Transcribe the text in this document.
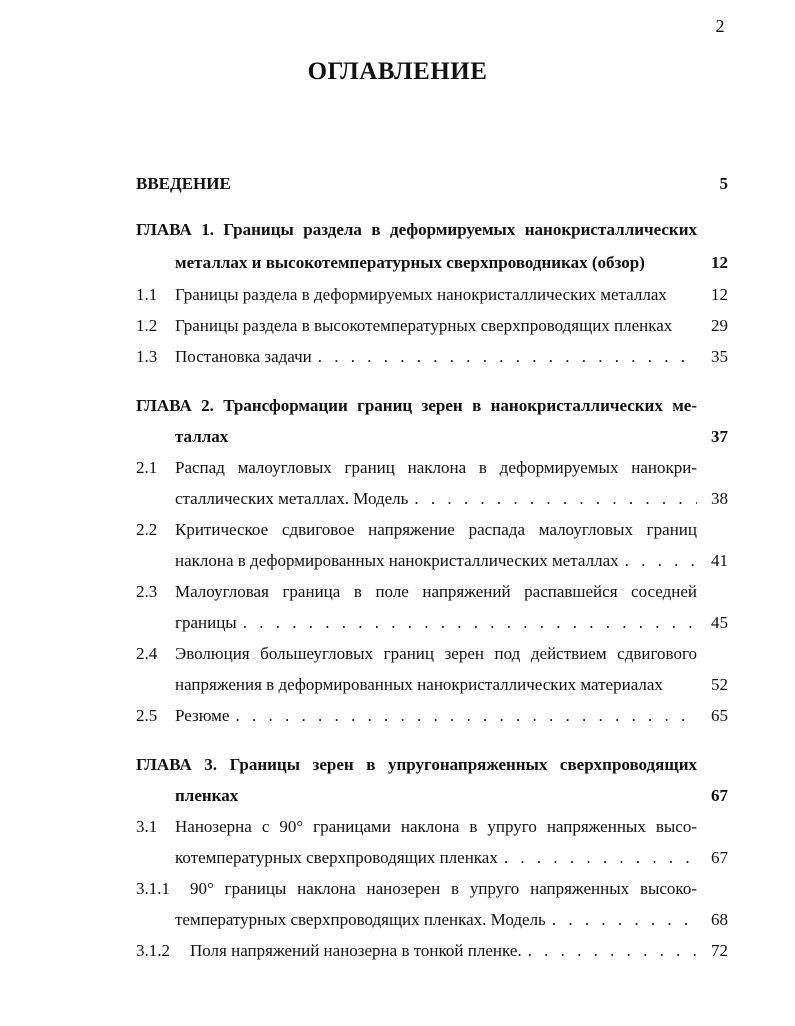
2
ОГЛАВЛЕНИЕ
ВВЕДЕНИЕ	5
ГЛАВА 1. Границы раздела в деформируемых нанокристаллических
металлах и высокотемпературных сверхпроводниках (обзор)	12
1.1 Границы раздела в деформируемых нанокристаллических металлах	12
1.2 Границы раздела в высокотемпературных сверхпроводящих пленках	29
1.3 Постановка задачи . . .	35
ГЛАВА 2. Трансформации границ зерен в нанокристаллических ме-
таллах	37
2.1 Распад малоугловых границ наклона в деформируемых нанокри-
сталлических металлах. Модель . . .	38
2.2 Критическое сдвиговое напряжение распада малоугловых границ
наклона в деформированных нанокристаллических металлах . . .	41
2.3 Малоугловая граница в поле напряжений распавшейся соседней
границы . . .	45
2.4 Эволюция большеугловых границ зерен под действием сдвигового
напряжения в деформированных нанокристаллических материалах	52
2.5 Резюме . . .	65
ГЛАВА 3. Границы зерен в упругонапряженных сверхпроводящих
пленках	67
3.1 Нанозерна с 90° границами наклона в упруго напряженных высо-
котемпературных сверхпроводящих пленках . . .	67
3.1.1 90° границы наклона нанозерен в упруго напряженных высоко-
температурных сверхпроводящих пленках. Модель . . .	68
3.1.2 Поля напряжений нанозерна в тонкой пленке. . . .	72
